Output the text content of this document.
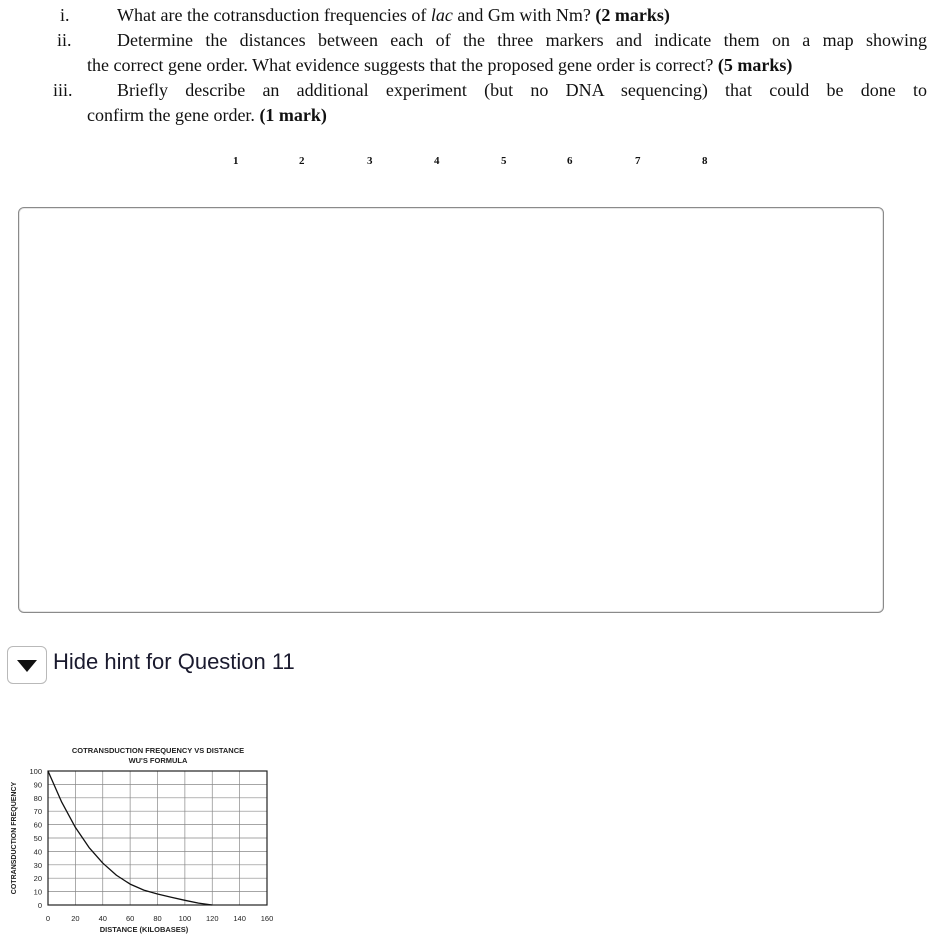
i.	What are the cotransduction frequencies of lac and Gm with Nm? (2 marks)
ii.	Determine the distances between each of the three markers and indicate them on a map showing
the correct gene order. What evidence suggests that the proposed gene order is correct? (5 marks)
iii. Briefly describe an additional experiment (but no DNA sequencing) that could be done to
confirm the gene order. (1 mark)
1	2	3	4	5	6	7	8
Hide hint for Question 11
0	20	40	60	80 100 120 140 160
0
10
20
30
40
50
60
70
80
90
100
COTRANSDUCTION FREQUENCY VS DISTANCE
WU'S FORMULA
DISTANCE (KILOBASES)
COTRANSDUCTION FREQUENCY
